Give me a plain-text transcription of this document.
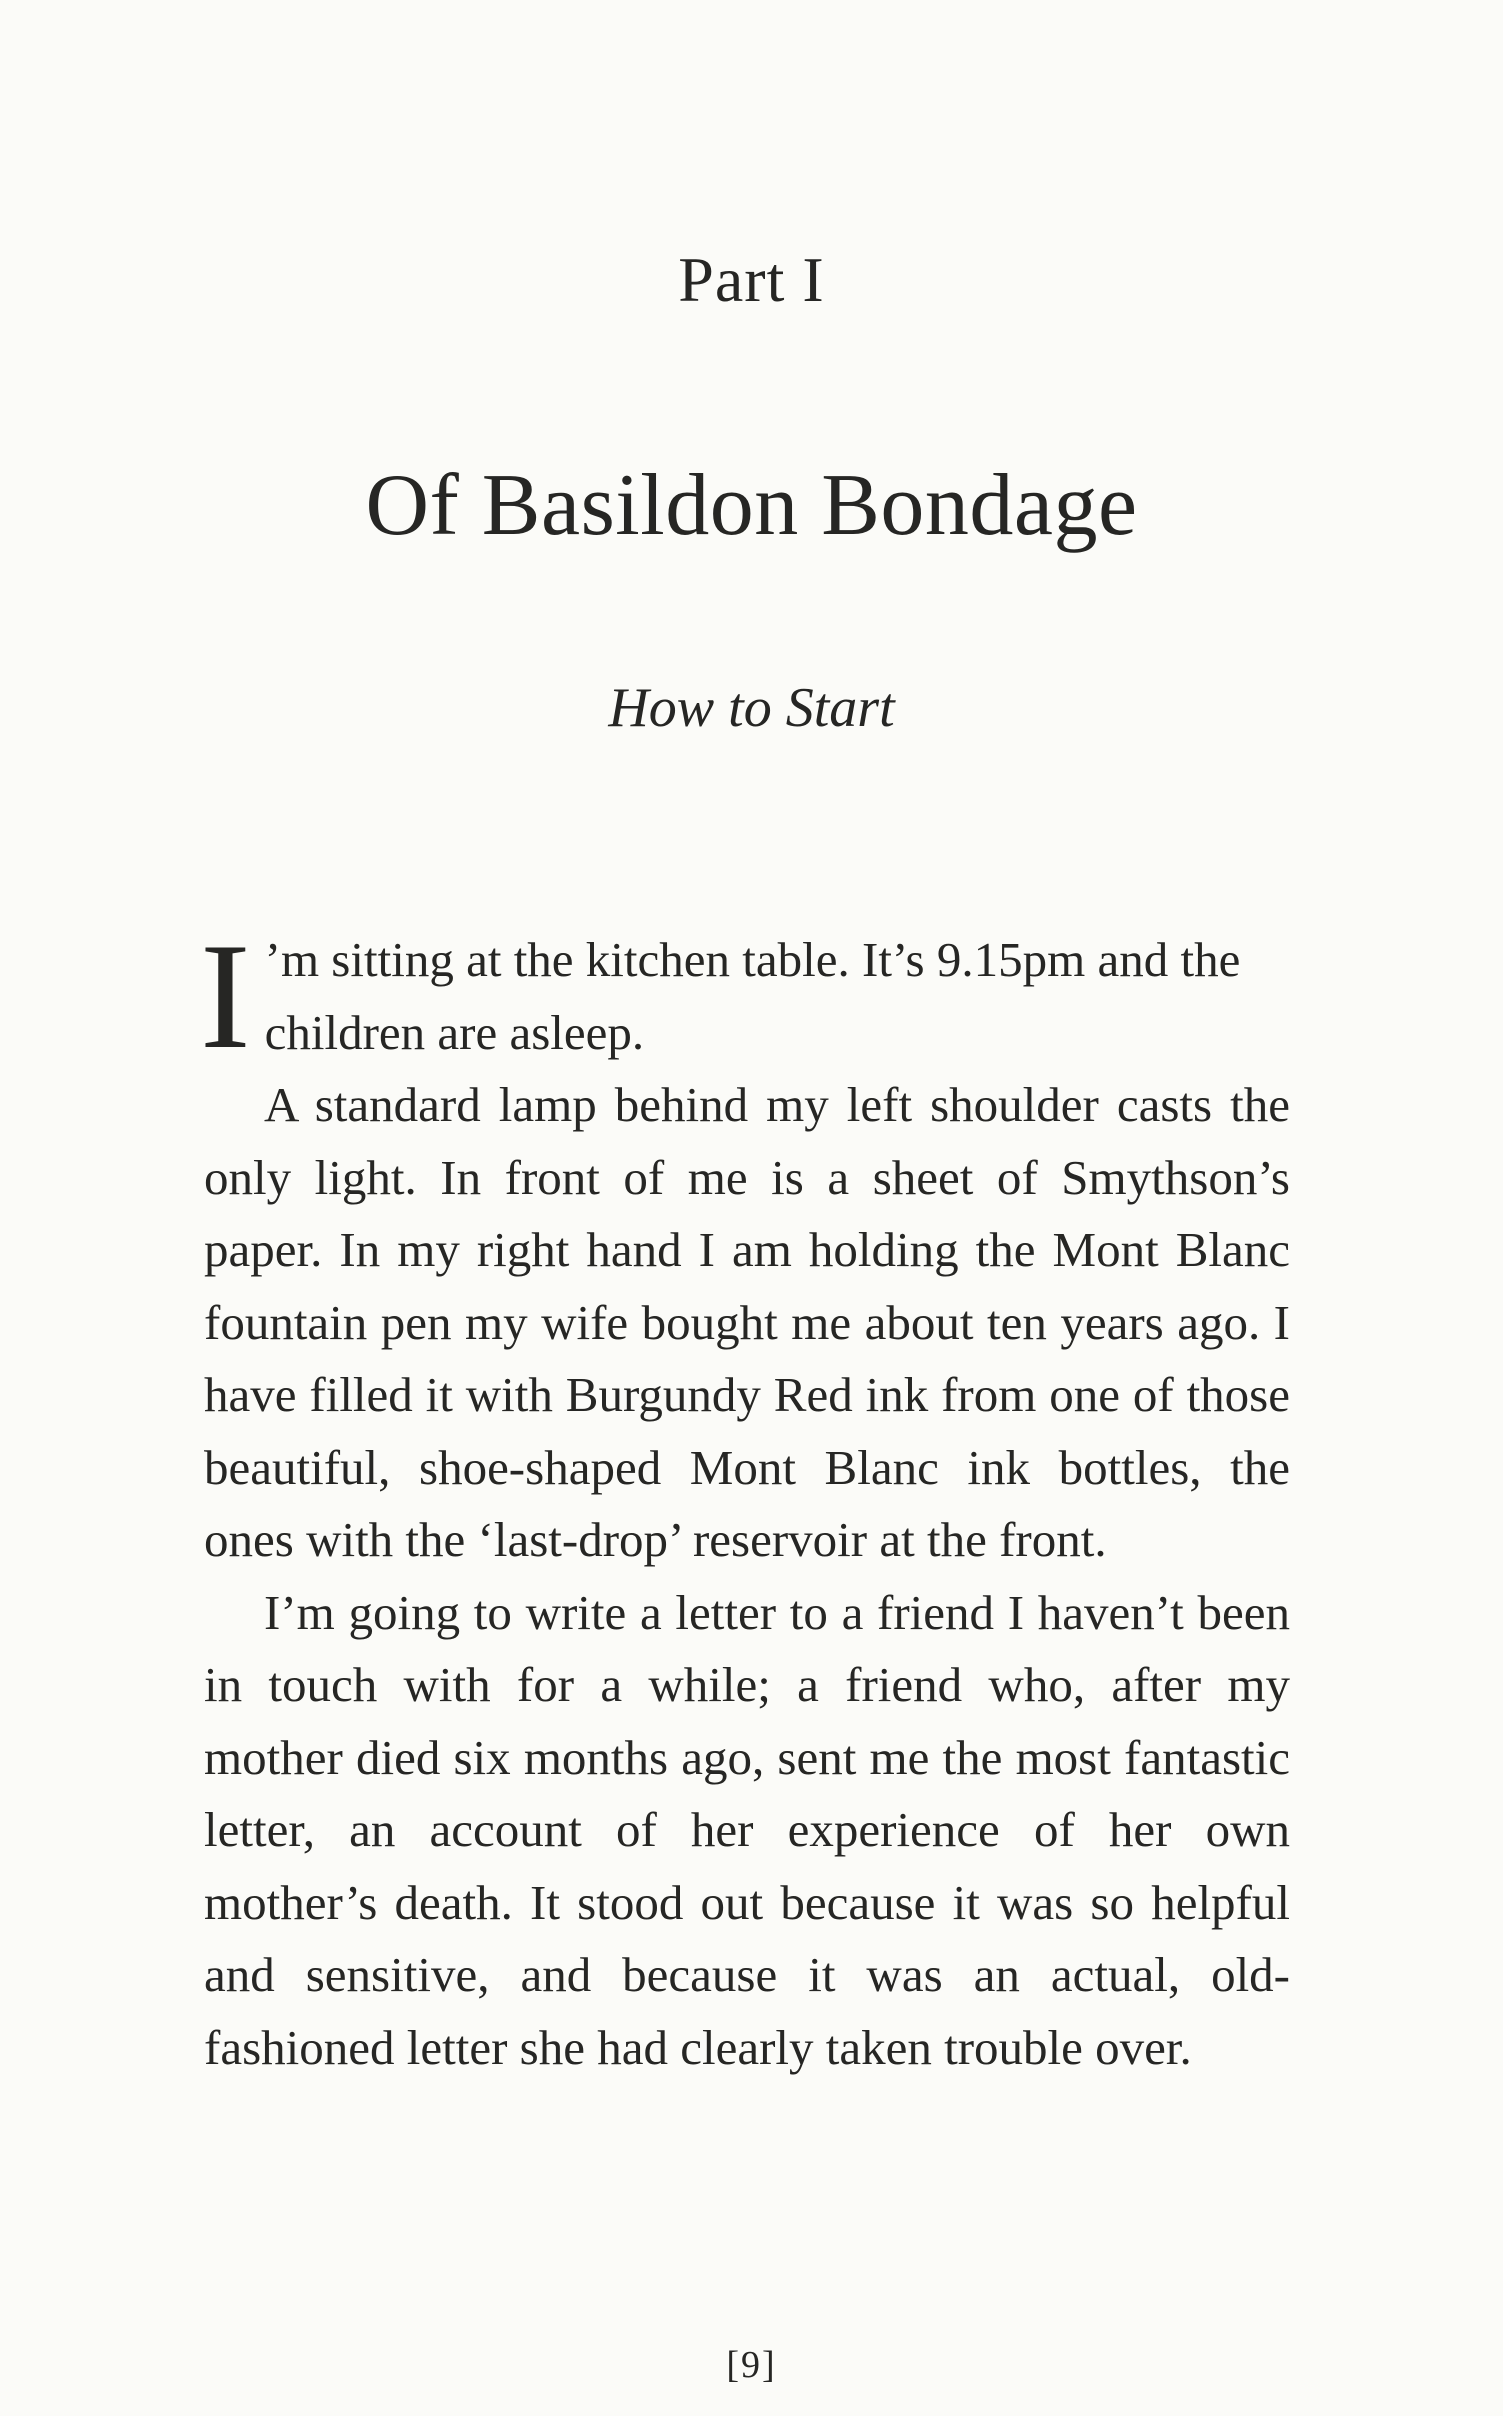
Part I
Of Basildon Bondage
How to Start

I ’m sitting at the kitchen table. It’s 9.15pm and the
children are asleep.

A standard lamp behind my left shoulder casts the only light. In front of me is a sheet of Smythson’s paper. In my right hand I am holding the Mont Blanc fountain pen my wife bought me about ten years ago. I have filled it with Burgundy Red ink from one of those beautiful, shoe-shaped Mont Blanc ink bottles, the ones with the ‘last-drop’ reservoir at the front.

I’m going to write a letter to a friend I haven’t been in touch with for a while; a friend who, after my mother died six months ago, sent me the most fantastic letter, an account of her experience of her own mother’s death. It stood out because it was so helpful and sensitive, and because it was an actual, old-fashioned letter she had clearly taken trouble over.

[9]
